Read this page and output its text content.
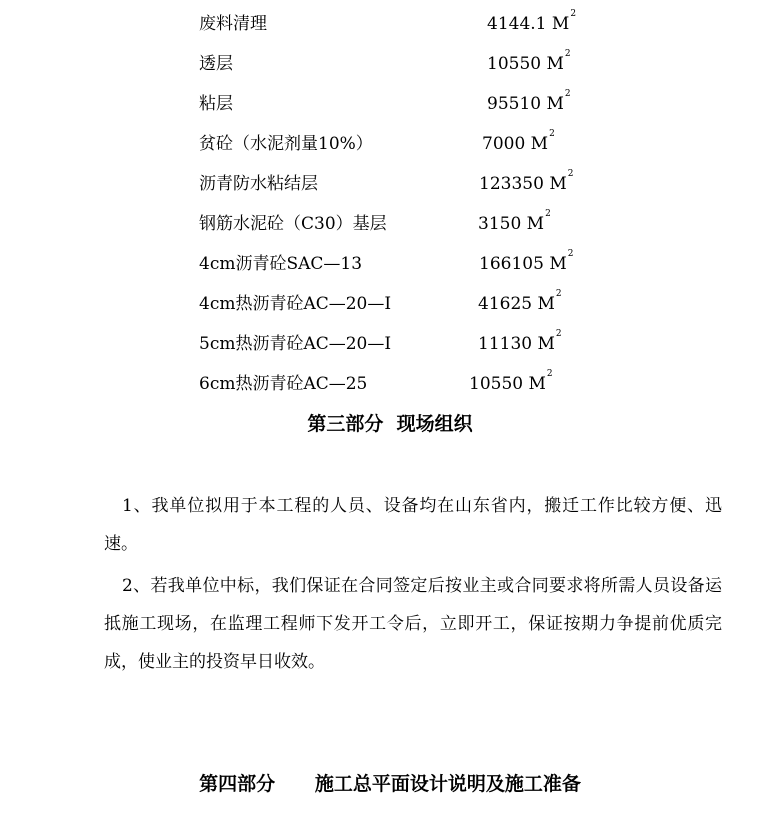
废料清理	4144.1 $M^2$
透层	10550 $M^2$
粘层	95510 $M^2$
贫砼（水泥剂量10%）	7000 $M^2$
沥青防水粘结层	123350 $M^2$
钢筋水泥砼（C30）基层	3150 $M^2$
4cm沥青砼SAC—13	166105 $M^2$
4cm热沥青砼AC—20—I	41625 $M^2$
5cm热沥青砼AC—20—I	11130 $M^2$
6cm热沥青砼AC—25	10550 $M^2$
第三部分  现场组织
1、我单位拟用于本工程的人员、设备均在山东省内，搬迁工作比较方便、迅速。
2、若我单位中标，我们保证在合同签定后按业主或合同要求将所需人员设备运抵施工现场，在监理工程师下发开工令后，立即开工，保证按期力争提前优质完成，使业主的投资早日收效。
第四部分      施工总平面设计说明及施工准备
